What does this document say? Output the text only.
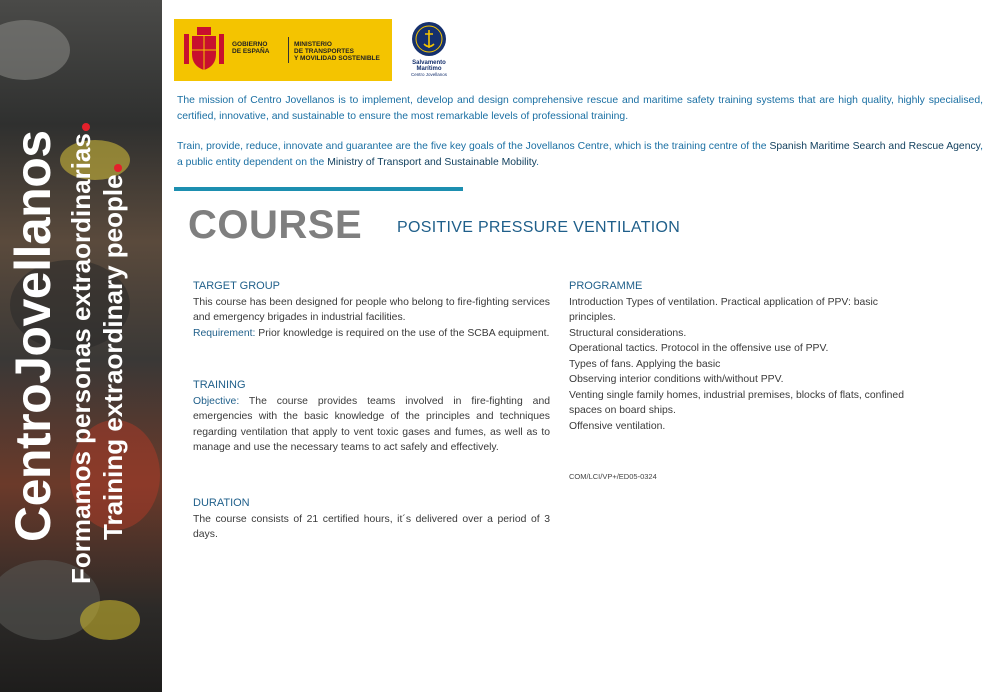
CentroJovellanos Formamos personas extraordinarias Training extraordinary people
GOBIERNO
DE ESPAÑA
MINISTERIO
DE TRANSPORTES
Y MOVILIDAD SOSTENIBLE
Salvamento Marítimo
Centro Jovellanos
The mission of Centro Jovellanos is to implement, develop and design comprehensive rescue and maritime safety training systems that are high quality, highly specialised, certified, innovative, and sustainable to ensure the most remarkable levels of professional training.
Train, provide, reduce, innovate and guarantee are the five key goals of the Jovellanos Centre, which is the training centre of the Spanish Maritime Search and Rescue Agency, a public entity dependent on the Ministry of Transport and Sustainable Mobility.
COURSE POSITIVE PRESSURE VENTILATION

TARGET GROUP

This course has been designed for people who belong to fire-fighting services and emergency brigades in industrial facilities.

Requirement: Prior knowledge is required on the use of the SCBA equipment.

TRAINING

Objective: The course provides teams involved in fire-fighting and emergencies with the basic knowledge of the principles and techniques regarding ventilation that apply to vent toxic gases and fumes, as well as to manage and use the necessary teams to act safely and effectively.

DURATION

The course consists of 21 certified hours, it´s delivered over a period of 3 days.

PROGRAMME

Introduction Types of ventilation. Practical application of PPV: basic principles.

Structural considerations.

Operational tactics. Protocol in the offensive use of PPV.

Types of fans. Applying the basic

Observing interior conditions with/without PPV.

Venting single family homes, industrial premises, blocks of flats, confined spaces on board ships.

Offensive ventilation.

COM/LCI/VP+/ED05-0324
